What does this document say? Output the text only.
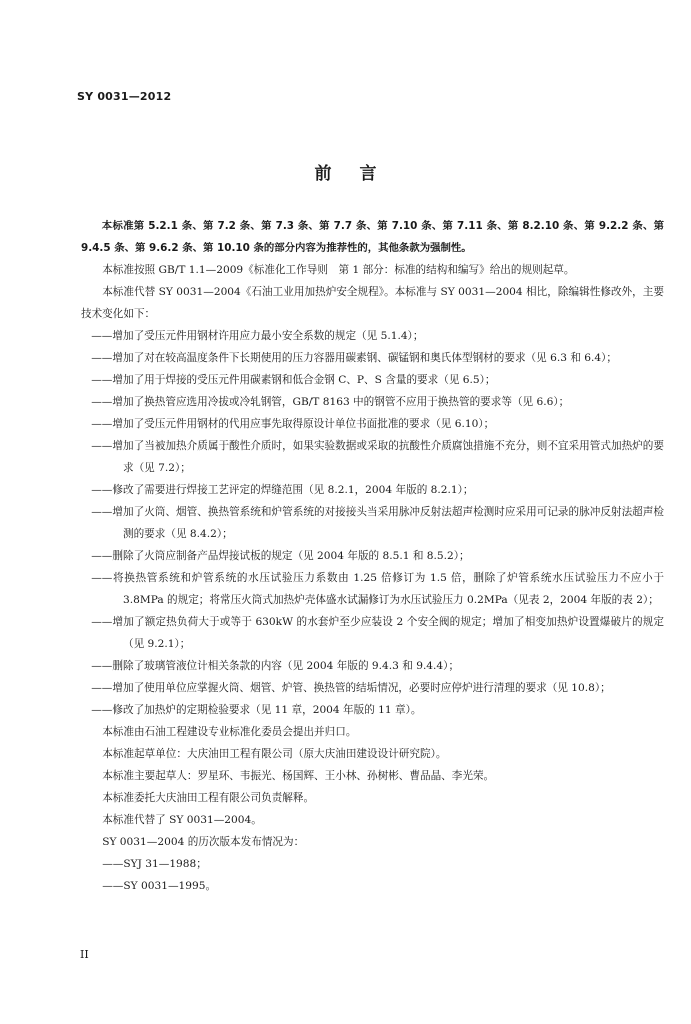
SY 0031—2012
前言

本标准第 5.2.1 条、第 7.2 条、第 7.3 条、第 7.7 条、第 7.10 条、第 7.11 条、第 8.2.10 条、第 9.2.2 条、第 9.4.5 条、第 9.6.2 条、第 10.10 条的部分内容为推荐性的，其他条款为强制性。

本标准按照 GB/T 1.1—2009《标准化工作导则　第 1 部分：标准的结构和编写》给出的规则起草。

本标准代替 SY 0031—2004《石油工业用加热炉安全规程》。本标准与 SY 0031—2004 相比，除编辑性修改外，主要技术变化如下：

——增加了受压元件用钢材许用应力最小安全系数的规定（见 5.1.4）；

——增加了对在较高温度条件下长期使用的压力容器用碳素钢、碳锰钢和奥氏体型钢材的要求（见 6.3 和 6.4）；

——增加了用于焊接的受压元件用碳素钢和低合金钢 C、P、S 含量的要求（见 6.5）；

——增加了换热管应选用冷拔或冷轧钢管，GB/T 8163 中的钢管不应用于换热管的要求等（见 6.6）；

——增加了受压元件用钢材的代用应事先取得原设计单位书面批准的要求（见 6.10）；

——增加了当被加热介质属于酸性介质时，如果实验数据或采取的抗酸性介质腐蚀措施不充分，则不宜采用管式加热炉的要求（见 7.2）；

——修改了需要进行焊接工艺评定的焊缝范围（见 8.2.1，2004 年版的 8.2.1）；

——增加了火筒、烟管、换热管系统和炉管系统的对接接头当采用脉冲反射法超声检测时应采用可记录的脉冲反射法超声检测的要求（见 8.4.2）；

——删除了火筒应制备产品焊接试板的规定（见 2004 年版的 8.5.1 和 8.5.2）；

——将换热管系统和炉管系统的水压试验压力系数由 1.25 倍修订为 1.5 倍，删除了炉管系统水压试验压力不应小于 3.8MPa 的规定；将常压火筒式加热炉壳体盛水试漏修订为水压试验压力 0.2MPa（见表 2，2004 年版的表 2）；

——增加了额定热负荷大于或等于 630kW 的水套炉至少应装设 2 个安全阀的规定；增加了相变加热炉设置爆破片的规定（见 9.2.1）；

——删除了玻璃管液位计相关条款的内容（见 2004 年版的 9.4.3 和 9.4.4）；

——增加了使用单位应掌握火筒、烟管、炉管、换热管的结垢情况，必要时应停炉进行清理的要求（见 10.8）；

——修改了加热炉的定期检验要求（见 11 章，2004 年版的 11 章）。

本标准由石油工程建设专业标准化委员会提出并归口。

本标准起草单位：大庆油田工程有限公司（原大庆油田建设设计研究院）。

本标准主要起草人：罗星环、韦振光、杨国辉、王小林、孙树彬、曹品晶、李光荣。

本标准委托大庆油田工程有限公司负责解释。

本标准代替了 SY 0031—2004。

SY 0031—2004 的历次版本发布情况为：

——SYJ 31—1988；

——SY 0031—1995。

II
